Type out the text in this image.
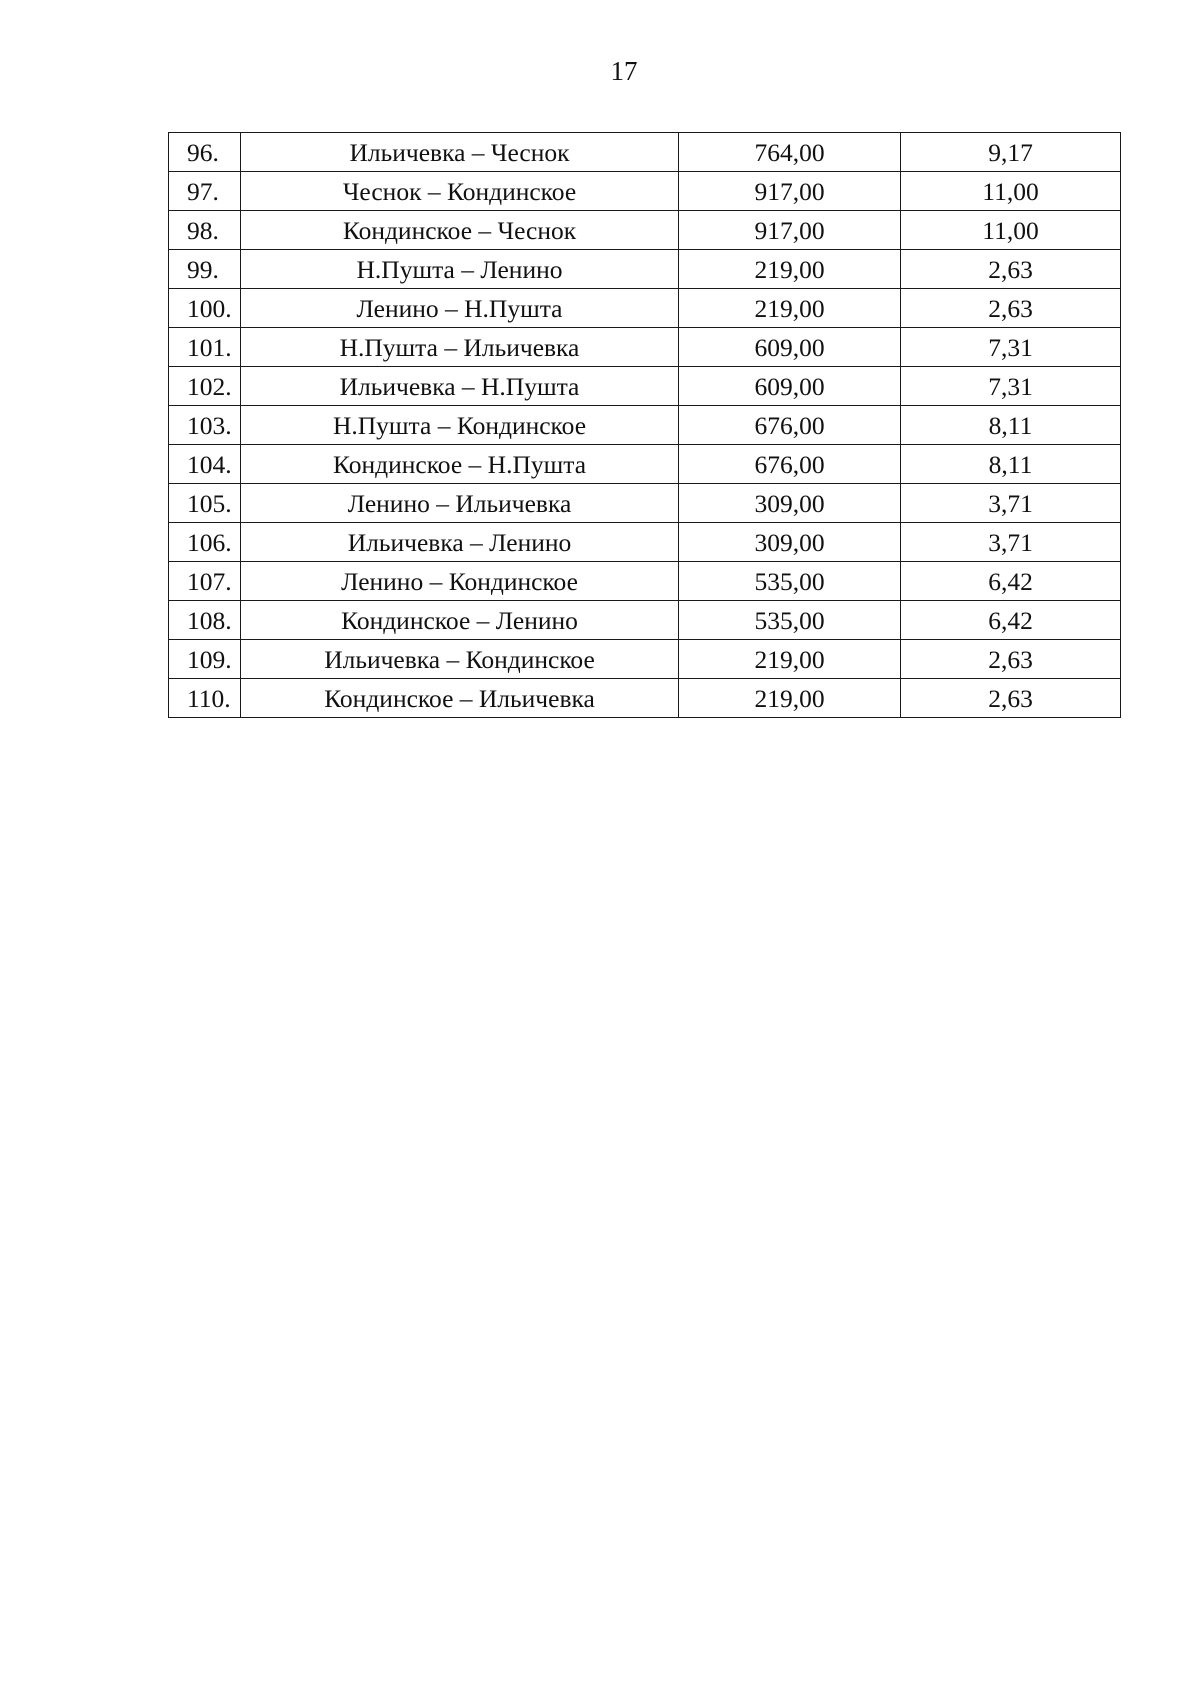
17
96.	Ильичевка – Чеснок	764,00	9,17
97.	Чеснок – Кондинское	917,00	11,00
98.	Кондинское – Чеснок	917,00	11,00
99.	Н.Пушта – Ленино	219,00	2,63
100.	Ленино – Н.Пушта	219,00	2,63
101.	Н.Пушта – Ильичевка	609,00	7,31
102.	Ильичевка – Н.Пушта	609,00	7,31
103.	Н.Пушта – Кондинское	676,00	8,11
104.	Кондинское – Н.Пушта	676,00	8,11
105.	Ленино – Ильичевка	309,00	3,71
106.	Ильичевка – Ленино	309,00	3,71
107.	Ленино – Кондинское	535,00	6,42
108.	Кондинское – Ленино	535,00	6,42
109.	Ильичевка – Кондинское	219,00	2,63
110.	Кондинское – Ильичевка	219,00	2,63
